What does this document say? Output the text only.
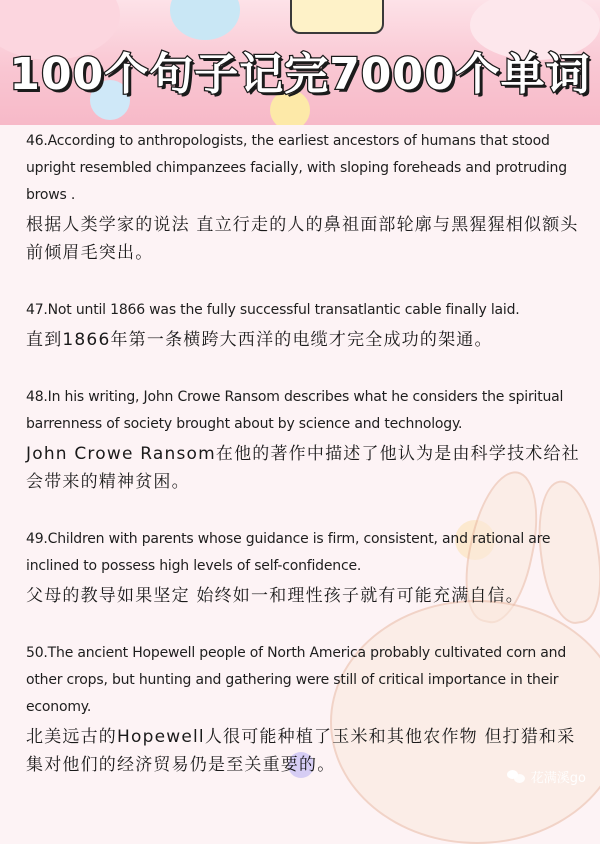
100个句子记完7000个单词
46.According to anthropologists, the earliest ancestors of humans that stood upright resembled chimpanzees facially, with sloping foreheads and protruding brows .
根据人类学家的说法 直立行走的人的鼻祖面部轮廓与黑猩猩相似额头前倾眉毛突出。
47.Not until 1866 was the fully successful transatlantic cable finally laid.
直到1866年第一条横跨大西洋的电缆才完全成功的架通。
48.In his writing, John Crowe Ransom describes what he considers the spiritual barrenness of society brought about by science and technology.
John Crowe Ransom在他的著作中描述了他认为是由科学技术给社会带来的精神贫困。
49.Children with parents whose guidance is firm, consistent, and rational are inclined to possess high levels of self-confidence.
父母的教导如果坚定 始终如一和理性孩子就有可能充满自信。
50.The ancient Hopewell people of North America probably cultivated corn and other crops, but hunting and gathering were still of critical importance in their economy.
北美远古的Hopewell人很可能种植了玉米和其他农作物 但打猎和采集对他们的经济贸易仍是至关重要的。
花满溪go
